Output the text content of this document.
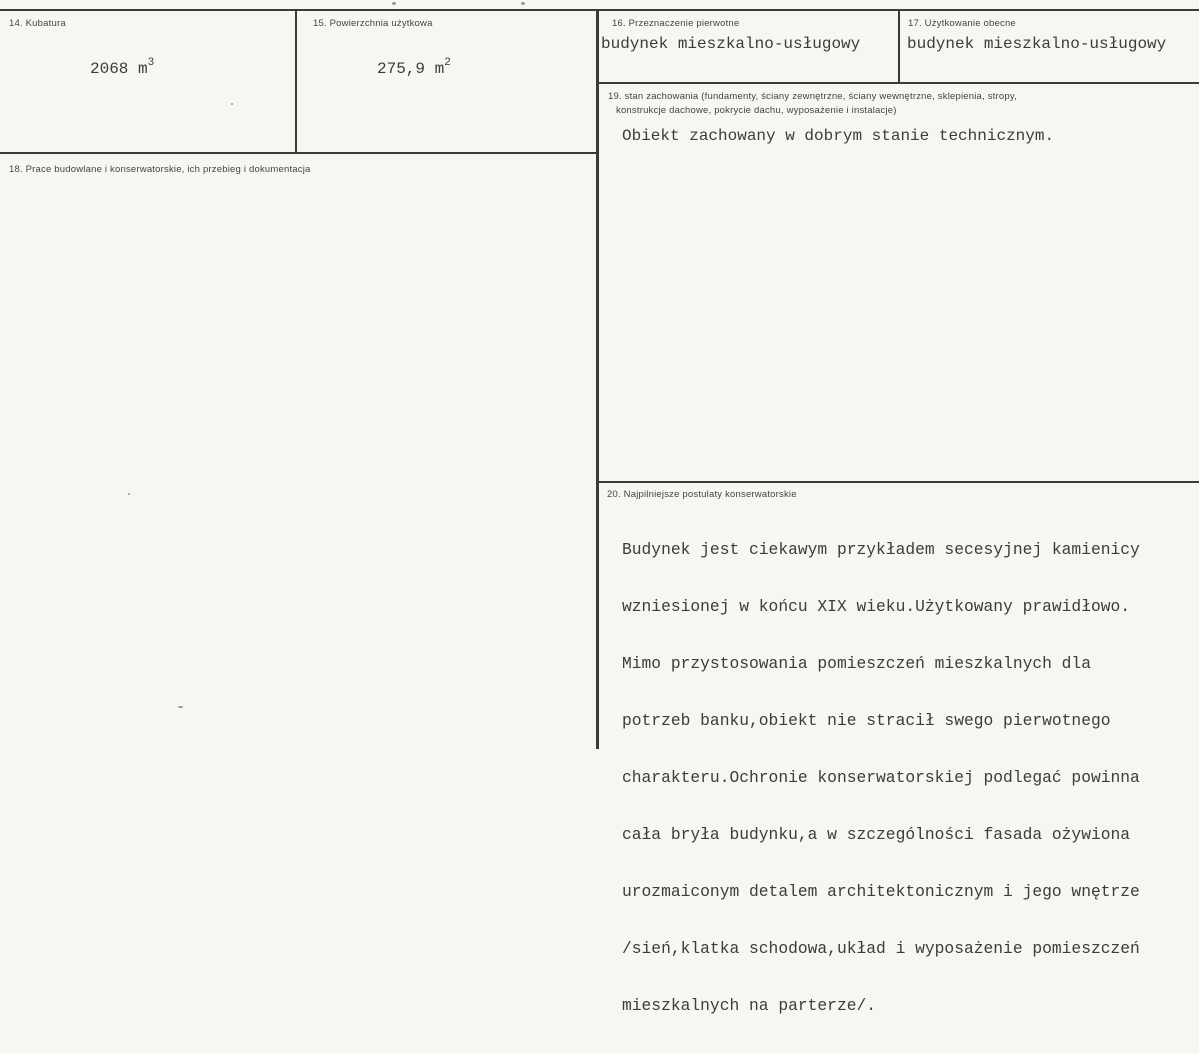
14. Kubatura
2068 $m^3$
15. Powierzchnia użytkowa
275,9 $m^2$
16. Przeznaczenie pierwotne
budynek mieszkalno-usługowy
17. Użytkowanie obecne
budynek mieszkalno-usługowy
18. Prace budowlane i konserwatorskie, ich przebieg i dokumentacja
19. stan zachowania (fundamenty, ściany zewnętrzne, ściany wewnętrzne, sklepienia, stropy,
konstrukcje dachowe, pokrycie dachu, wyposażenie i instalacje)
Obiekt zachowany w dobrym stanie technicznym.
20. Najpilniejsze postulaty konserwatorskie

Budynek jest ciekawym przykładem secesyjnej kamienicy

wzniesionej w końcu XIX wieku.Użytkowany prawidłowo.

Mimo przystosowania pomieszczeń mieszkalnych dla

potrzeb banku,obiekt nie stracił swego pierwotnego

charakteru.Ochronie konserwatorskiej podlegać powinna

cała bryła budynku,a w szczególności fasada ożywiona

urozmaiconym detalem architektonicznym i jego wnętrze

/sień,klatka schodowa,układ i wyposażenie pomieszczeń

mieszkalnych na parterze/.
